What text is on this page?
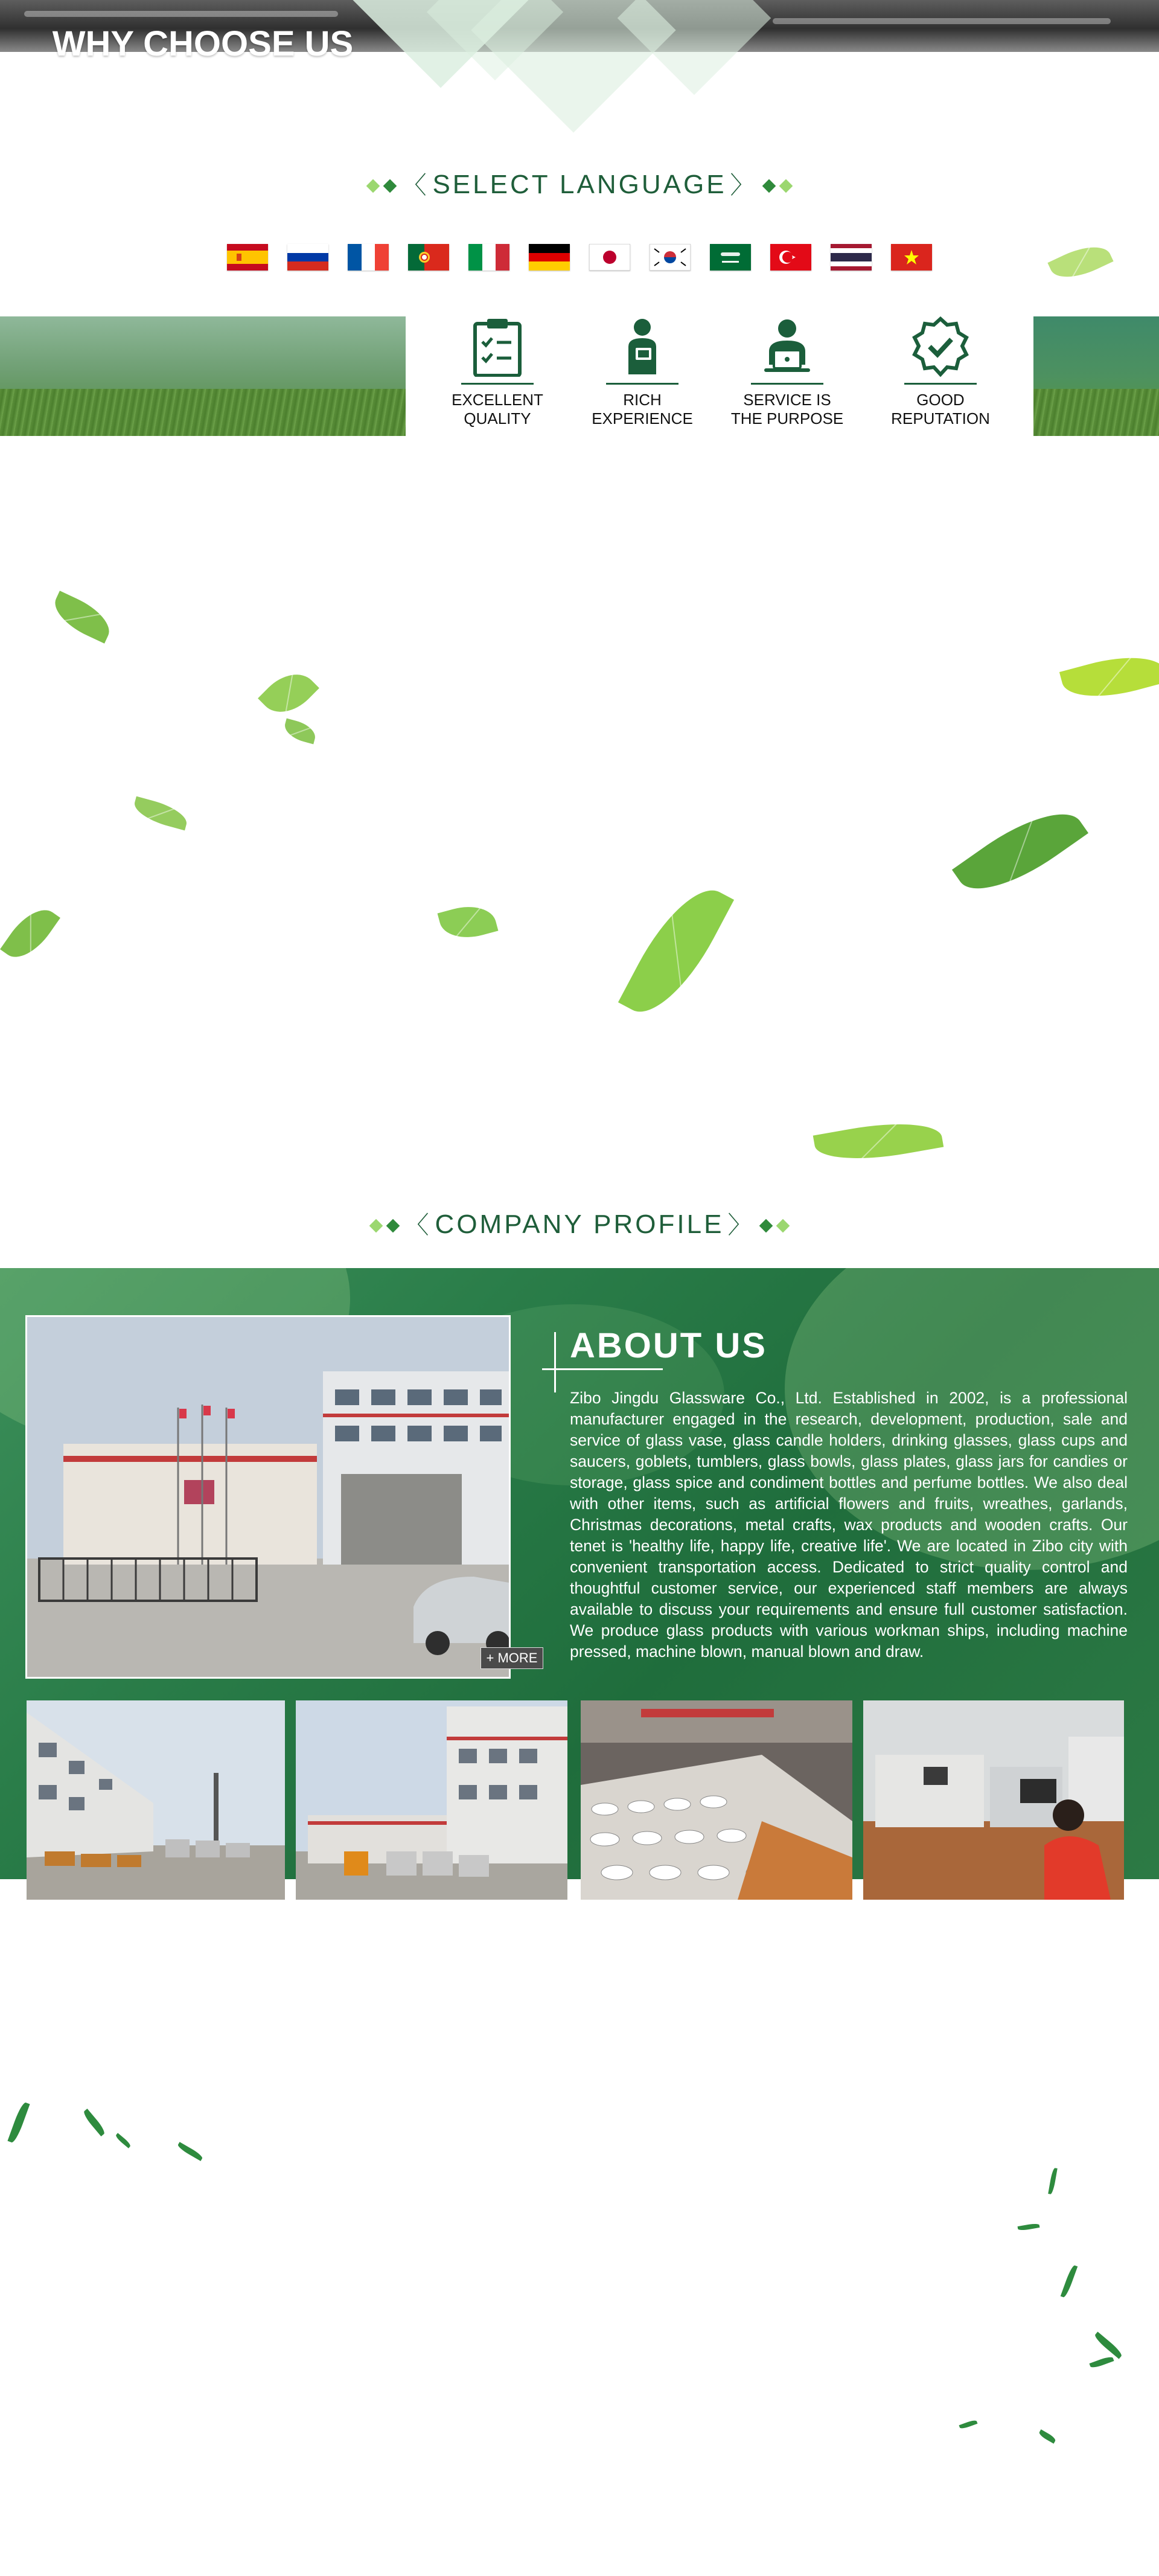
〈 SELECT LANGUAGE 〉
WHY CHOOSE US
>>>
EXCELLENT
QUALITY
RICH
EXPERIENCE
SERVICE IS
THE PURPOSE
GOOD
REPUTATION
〈 COMPANY PROFILE 〉
+ MORE
ABOUT US
Zibo Jingdu Glassware Co., Ltd. Established in 2002, is a professional manufacturer engaged in the research, development, production, sale and service of glass vase, glass candle holders, drinking glasses, glass cups and saucers, goblets, tumblers, glass bowls, glass plates, glass jars for candies or storage, glass spice and condiment bottles and perfume bottles. We also deal with other items, such as artificial flowers and fruits, wreathes, garlands, Christmas decorations, metal crafts, wax products and wooden crafts. Our tenet is 'healthy life, happy life, creative life'. We are located in Zibo city with convenient transportation access. Dedicated to strict quality control and thoughtful customer service, our experienced staff members are always available to discuss your requirements and ensure full customer satisfaction. We produce glass products with various workman ships, including machine pressed, machine blown, manual blown and draw.
Dedicated to strict quality control and thoughtful customer service, our experienced staff members are always available to discuss
your requirements and ensure full customer satisfaction, we not only have stable domestic market, but also exported to many foreign countries,
and enjoyed high reputation at home and abroad.
Our products are selling well around the world, such as e Europe, America and Japan etc.
We will create a bright future with you through good quality, excellent reputation and prompt response.
If you have any request, please feel free to contact us.
